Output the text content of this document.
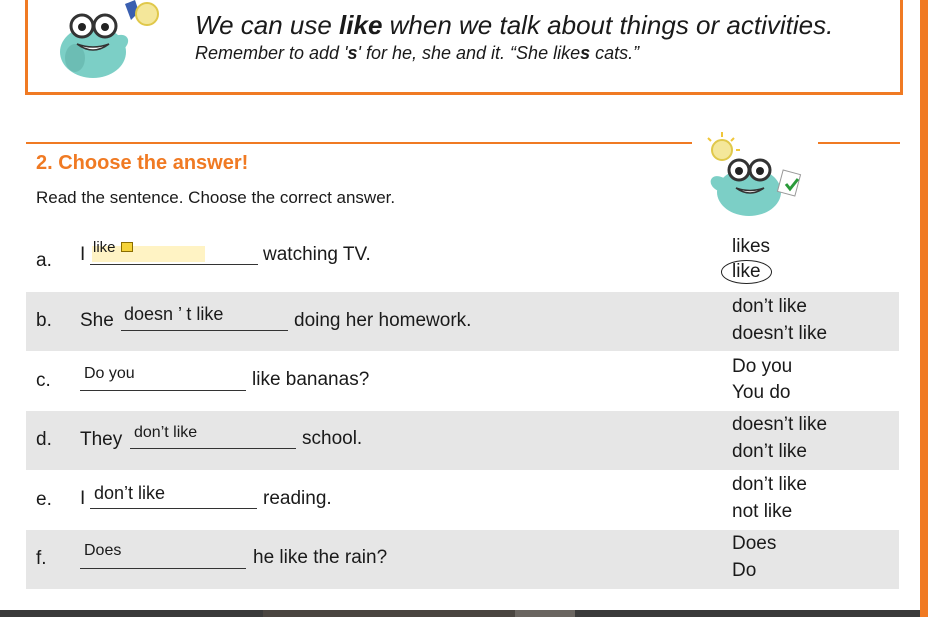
We can use like when we talk about things or activities.
Remember to add 's' for he, she and it. “She likes cats.”
2. Choose the answer!
Read the sentence. Choose the correct answer.
a. I like	watching TV.	likes
like
b. She doesn ’ t like	doing her homework.
don’t like
doesn’t like
c. Do you	like bananas?
Do you
You do
d. They don’t like	school.
doesn’t like
don’t like
e. I don’t like	reading.
don’t like
not like
f. Does	he like the rain?
Does
Do
